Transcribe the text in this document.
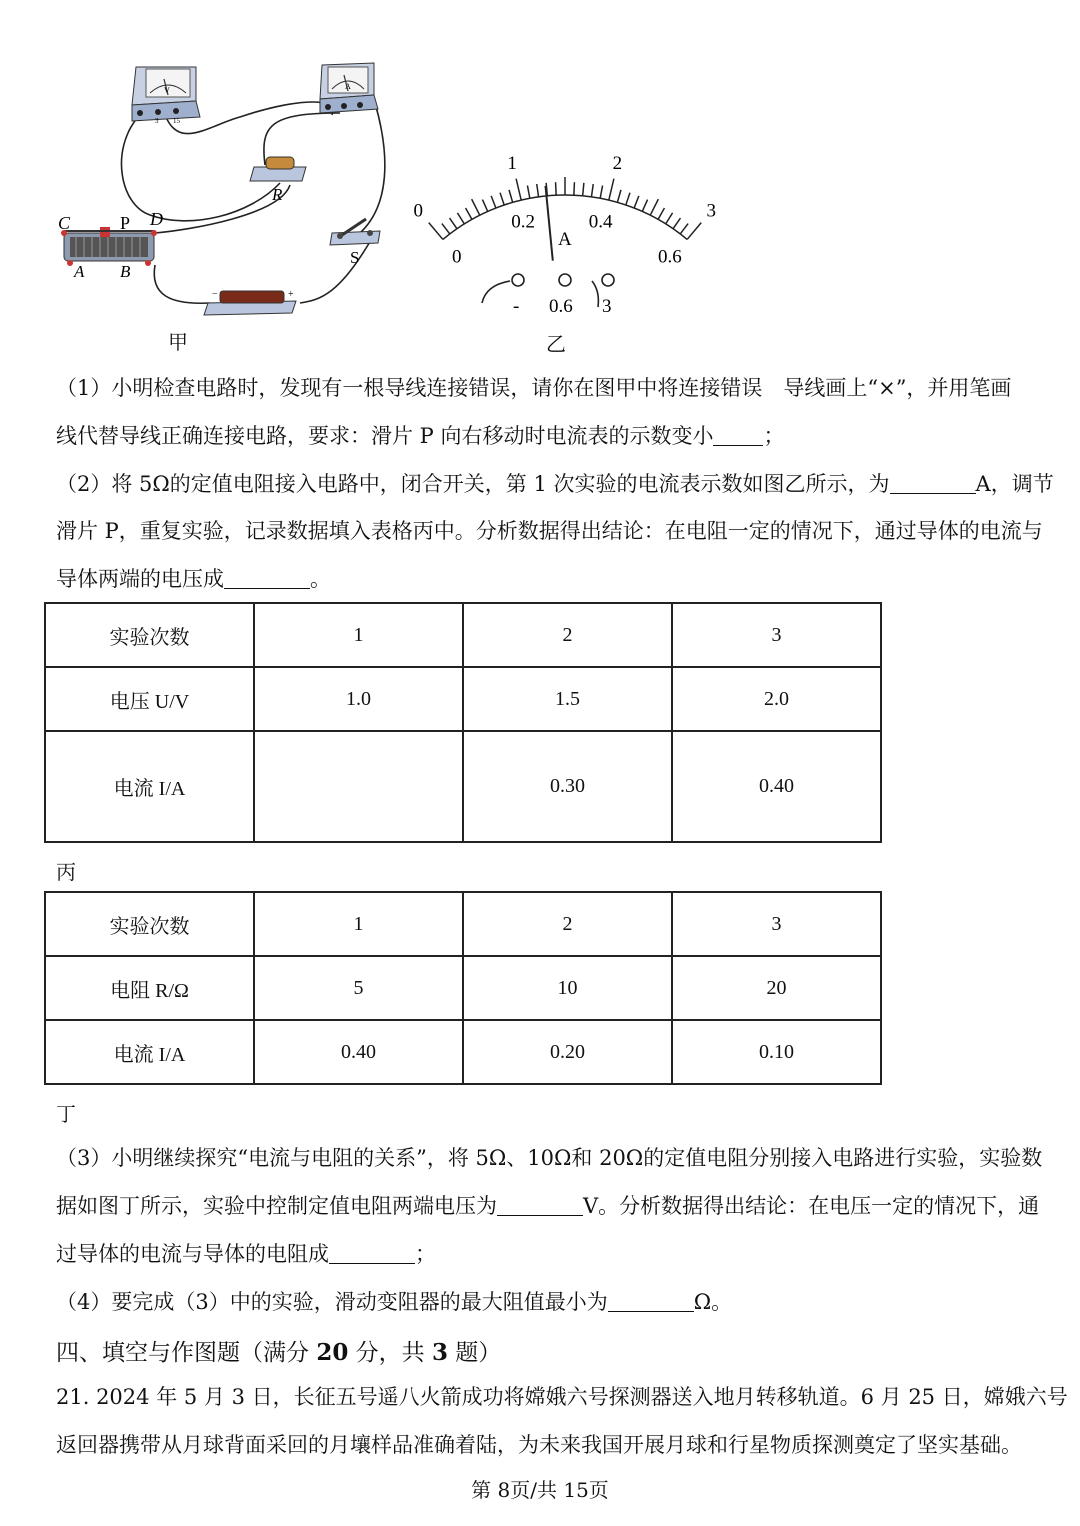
V
− 3 15
A
R
S
C	P D
A B
−	+
甲
0
1	2
3
0
0.2	0.4
0.6
A
- 0.6 3
乙
（1）小明检查电路时，发现有一根导线连接错误，请你在图甲中将连接错误　导线画上“×”，并用笔画
线代替导线正确连接电路，要求：滑片 P 向右移动时电流表的示数变小 ；
（2）将 5Ω的定值电阻接入电路中，闭合开关，第 1 次实验的电流表示数如图乙所示，为	A，调节
滑片 P，重复实验，记录数据填入表格丙中。分析数据得出结论：在电阻一定的情况下，通过导体的电流与
导体两端的电压成	。
实验次数	1	2	3
电压 U/V	1.0	1.5	2.0
电流 I/A		0.30	0.40
丙
实验次数	1	2	3
电阻 R/Ω	5	10	20
电流 I/A	0.40	0.20	0.10
丁
（3）小明继续探究“电流与电阻的关系”，将 5Ω、10Ω和 20Ω的定值电阻分别接入电路进行实验，实验数
据如图丁所示，实验中控制定值电阻两端电压为	V。分析数据得出结论：在电压一定的情况下，通
过导体的电流与导体的电阻成	；
（4）要完成（3）中的实验，滑动变阻器的最大阻值最小为	Ω。
四、填空与作图题（满分 20 分，共 3 题）
21. 2024 年 5 月 3 日，长征五号遥八火箭成功将嫦娥六号探测器送入地月转移轨道。6 月 25 日，嫦娥六号
返回器携带从月球背面采回的月壤样品准确着陆，为未来我国开展月球和行星物质探测奠定了坚实基础。
第 8页/共 15页
